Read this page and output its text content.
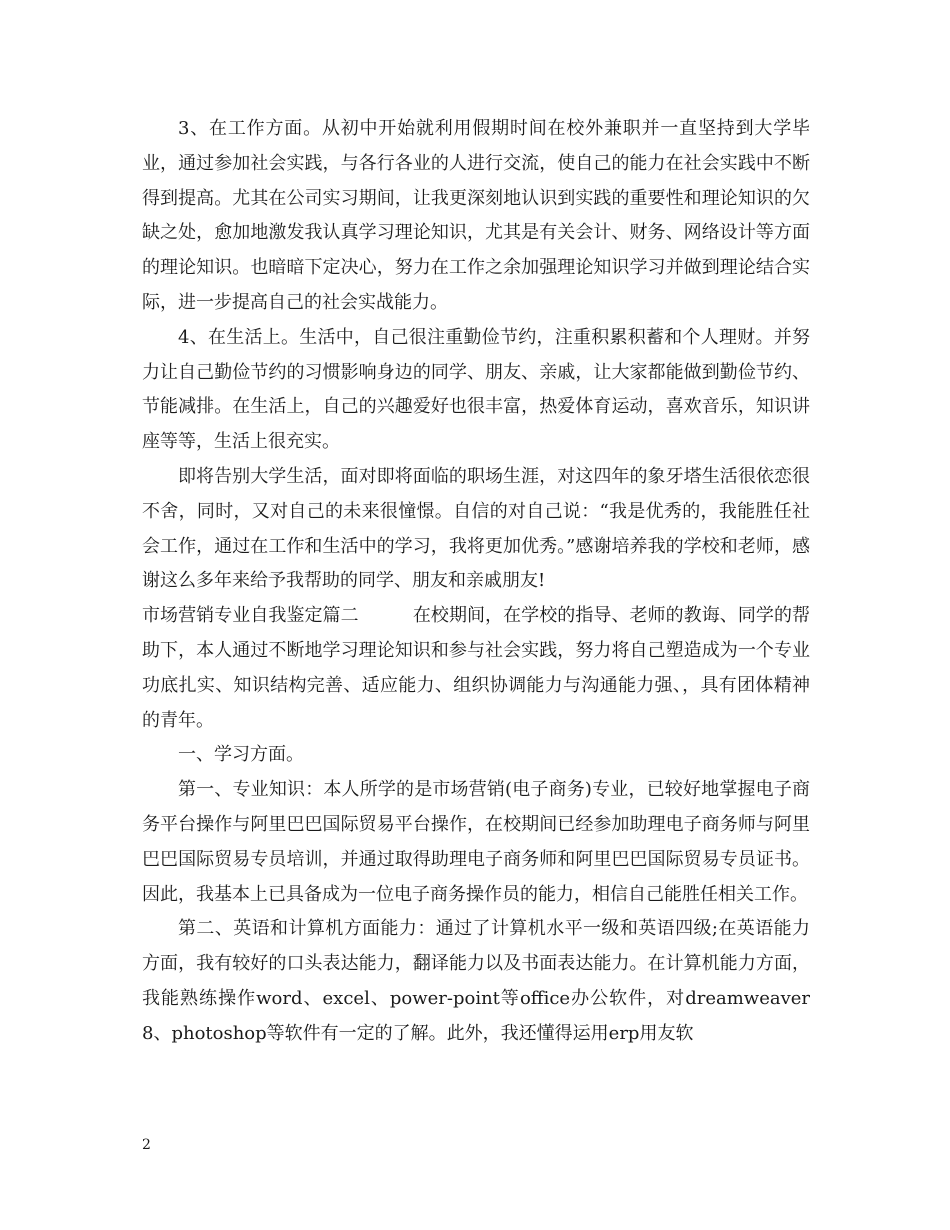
3、在工作方面。从初中开始就利用假期时间在校外兼职并一直坚持到大学毕业，通过参加社会实践，与各行各业的人进行交流，使自己的能力在社会实践中不断得到提高。尤其在公司实习期间，让我更深刻地认识到实践的重要性和理论知识的欠缺之处，愈加地激发我认真学习理论知识，尤其是有关会计、财务、网络设计等方面的理论知识。也暗暗下定决心，努力在工作之余加强理论知识学习并做到理论结合实际，进一步提高自己的社会实战能力。

4、在生活上。生活中，自己很注重勤俭节约，注重积累积蓄和个人理财。并努力让自己勤俭节约的习惯影响身边的同学、朋友、亲戚，让大家都能做到勤俭节约、节能减排。在生活上，自己的兴趣爱好也很丰富，热爱体育运动，喜欢音乐，知识讲座等等，生活上很充实。

即将告别大学生活，面对即将面临的职场生涯，对这四年的象牙塔生活很依恋很不舍，同时，又对自己的未来很憧憬。自信的对自己说：“我是优秀的，我能胜任社会工作，通过在工作和生活中的学习，我将更加优秀。”感谢培养我的学校和老师，感谢这么多年来给予我帮助的同学、朋友和亲戚朋友!

市场营销专业自我鉴定篇二　　　在校期间，在学校的指导、老师的教诲、同学的帮助下，本人通过不断地学习理论知识和参与社会实践，努力将自己塑造成为一个专业功底扎实、知识结构完善、适应能力、组织协调能力与沟通能力强、，具有团体精神的青年。

一、学习方面。

第一、专业知识：本人所学的是市场营销(电子商务)专业，已较好地掌握电子商务平台操作与阿里巴巴国际贸易平台操作，在校期间已经参加助理电子商务师与阿里巴巴国际贸易专员培训，并通过取得助理电子商务师和阿里巴巴国际贸易专员证书。因此，我基本上已具备成为一位电子商务操作员的能力，相信自己能胜任相关工作。

第二、英语和计算机方面能力：通过了计算机水平一级和英语四级;在英语能力方面，我有较好的口头表达能力，翻译能力以及书面表达能力。在计算机能力方面，我能熟练操作word、excel、power-point等office办公软件，对dreamweaver8、photoshop等软件有一定的了解。此外，我还懂得运用erp用友软

2
